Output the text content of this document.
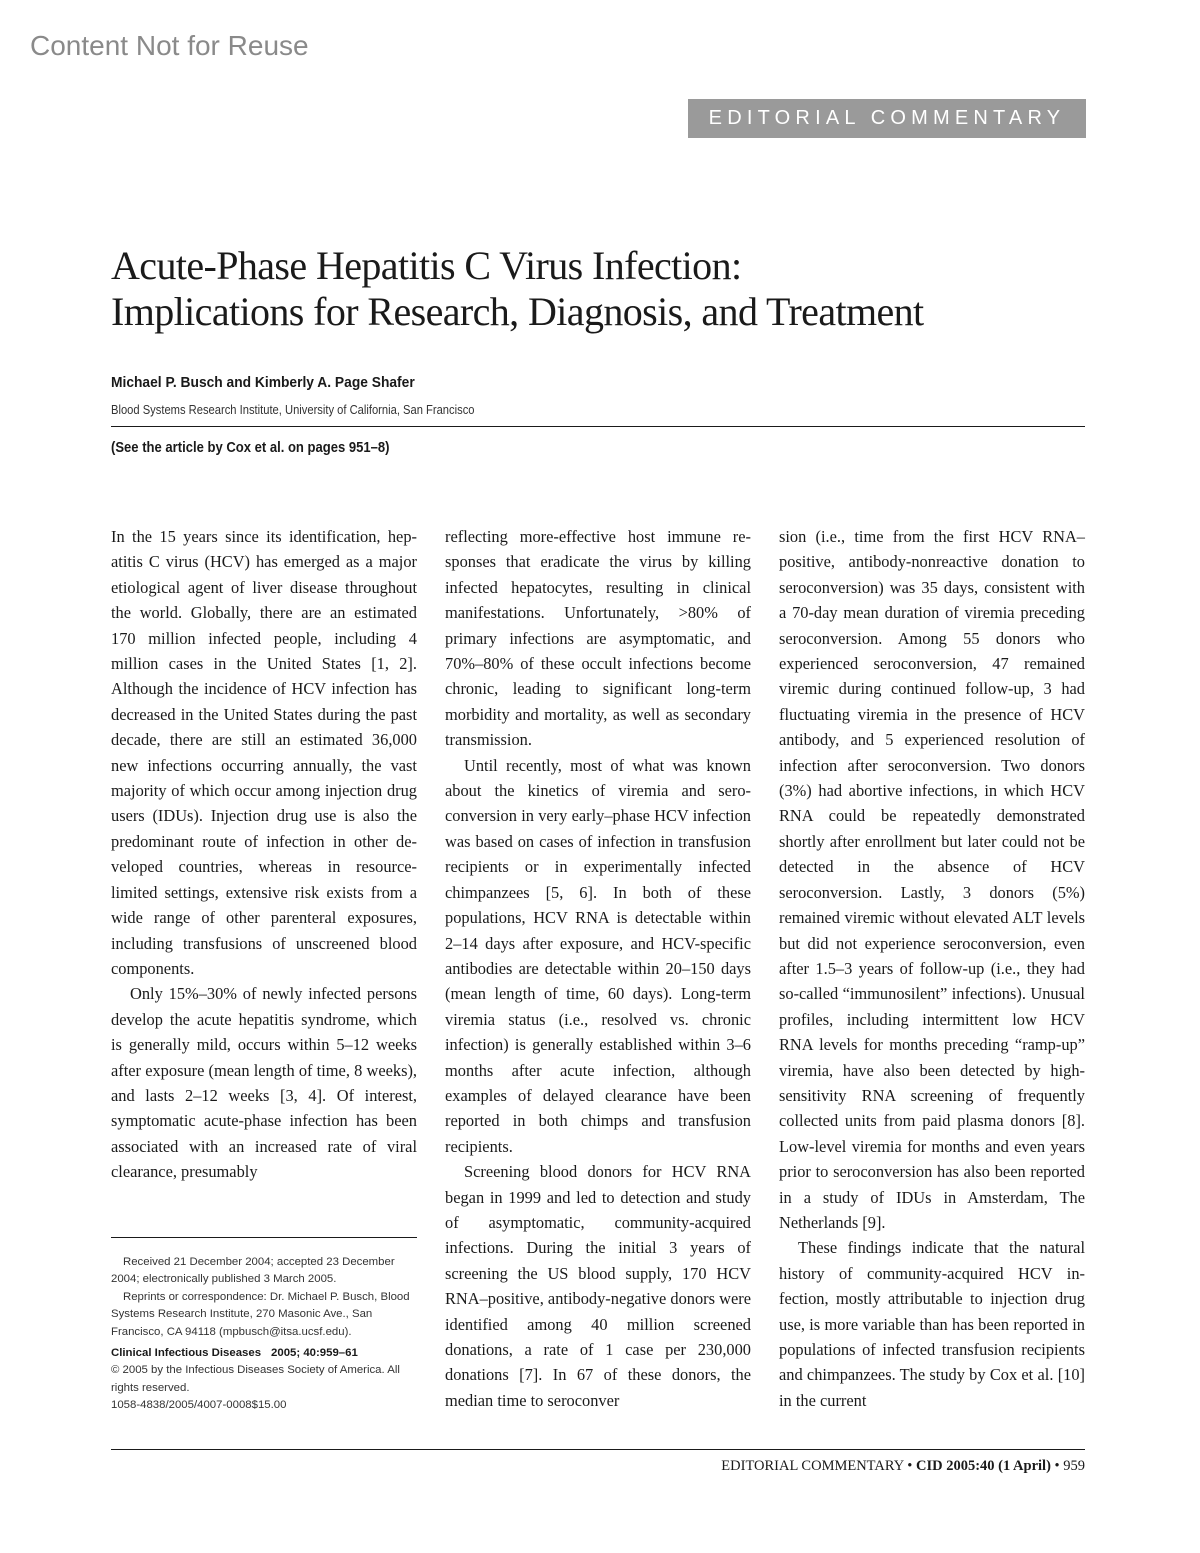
Content Not for Reuse
EDITORIAL COMMENTARY
Acute-Phase Hepatitis C Virus Infection:
Implications for Research, Diagnosis, and Treatment
Michael P. Busch and Kimberly A. Page Shafer
Blood Systems Research Institute, University of California, San Francisco
(See the article by Cox et al. on pages 951–8)

In the 15 years since its identification, hepatitis C virus (HCV) has emerged as a major etiological agent of liver disease throughout the world. Globally, there are an estimated 170 million infected people, including 4 million cases in the United States [1, 2]. Although the incidence of HCV infection has decreased in the United States during the past decade, there are still an estimated 36,000 new infections occurring annually, the vast majority of which occur among injection drug users (IDUs). Injection drug use is also the predominant route of infection in other developed countries, whereas in resource-limited settings, extensive risk exists from a wide range of other parenteral exposures, including transfusions of unscreened blood components.

Only 15%–30% of newly infected persons develop the acute hepatitis syndrome, which is generally mild, occurs within 5–12 weeks after exposure (mean length of time, 8 weeks), and lasts 2–12 weeks [3, 4]. Of interest, symptomatic acute-phase infection has been associated with an increased rate of viral clearance, presumably

reflecting more-effective host immune responses that eradicate the virus by killing infected hepatocytes, resulting in clinical manifestations. Unfortunately, >80% of primary infections are asymptomatic, and 70%–80% of these occult infections become chronic, leading to significant long-term morbidity and mortality, as well as secondary transmission.

Until recently, most of what was known about the kinetics of viremia and seroconversion in very early–phase HCV infection was based on cases of infection in transfusion recipients or in experimentally infected chimpanzees [5, 6]. In both of these populations, HCV RNA is detectable within 2–14 days after exposure, and HCV-specific antibodies are detectable within 20–150 days (mean length of time, 60 days). Long-term viremia status (i.e., resolved vs. chronic infection) is generally established within 3–6 months after acute infection, although examples of delayed clearance have been reported in both chimps and transfusion recipients.

Screening blood donors for HCV RNA began in 1999 and led to detection and study of asymptomatic, community-acquired infections. During the initial 3 years of screening the US blood supply, 170 HCV RNA–positive, antibody-negative donors were identified among 40 million screened donations, a rate of 1 case per 230,000 donations [7]. In 67 of these donors, the median time to seroconver

sion (i.e., time from the first HCV RNA–positive, antibody-nonreactive donation to seroconversion) was 35 days, consistent with a 70-day mean duration of viremia preceding seroconversion. Among 55 donors who experienced seroconversion, 47 remained viremic during continued follow-up, 3 had fluctuating viremia in the presence of HCV antibody, and 5 experienced resolution of infection after seroconversion. Two donors (3%) had abortive infections, in which HCV RNA could be repeatedly demonstrated shortly after enrollment but later could not be detected in the absence of HCV seroconversion. Lastly, 3 donors (5%) remained viremic without elevated ALT levels but did not experience seroconversion, even after 1.5–3 years of follow-up (i.e., they had so-called “immunosilent” infections). Unusual profiles, including intermittent low HCV RNA levels for months preceding “ramp-up” viremia, have also been detected by high-sensitivity RNA screening of frequently collected units from paid plasma donors [8]. Low-level viremia for months and even years prior to seroconversion has also been reported in a study of IDUs in Amsterdam, The Netherlands [9].

These findings indicate that the natural history of community-acquired HCV infection, mostly attributable to injection drug use, is more variable than has been reported in populations of infected transfusion recipients and chimpanzees. The study by Cox et al. [10] in the current

Received 21 December 2004; accepted 23 December 2004; electronically published 3 March 2005.

Reprints or correspondence: Dr. Michael P. Busch, Blood Systems Research Institute, 270 Masonic Ave., San Francisco, CA 94118 (mpbusch@itsa.ucsf.edu).

Clinical Infectious Diseases 2005; 40:959–61

© 2005 by the Infectious Diseases Society of America. All rights reserved.

1058-4838/2005/4007-0008$15.00

EDITORIAL COMMENTARY • CID 2005:40 (1 April) • 959
